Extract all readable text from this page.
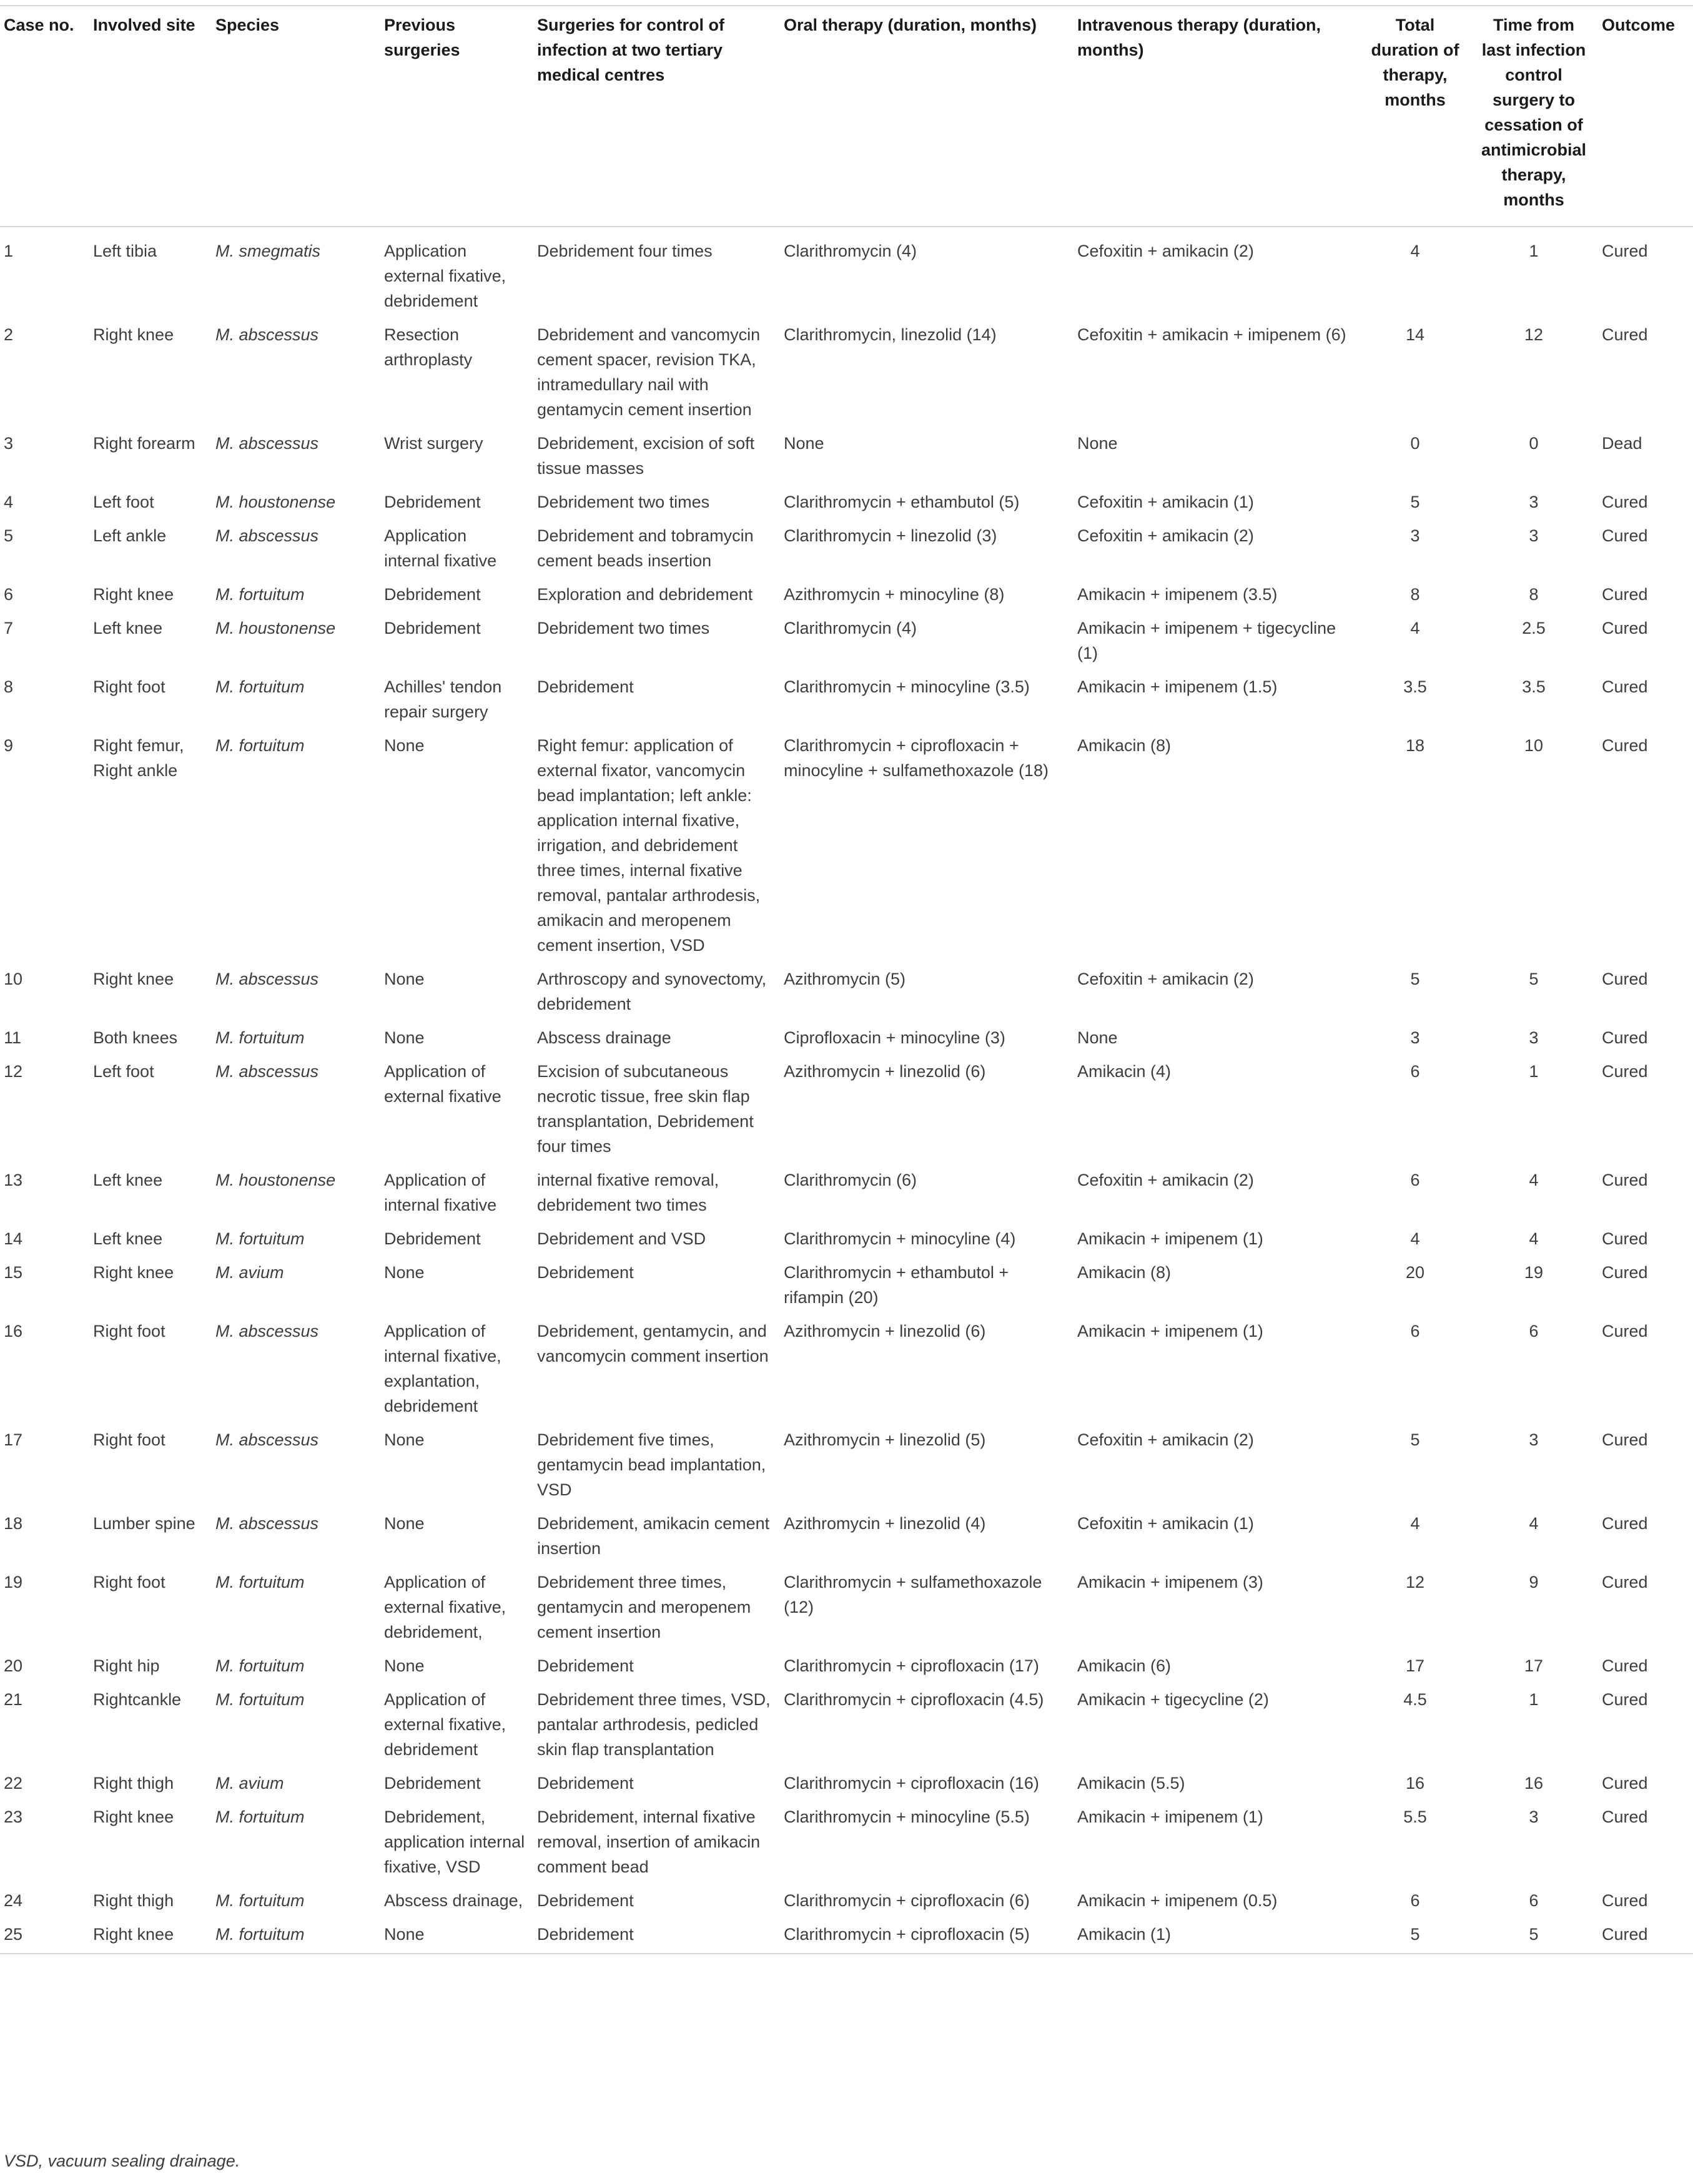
Case no.	Involved site	Species	Previous surgeries	Surgeries for control of infection at two tertiary medical centres	Oral therapy (duration, months)	Intravenous therapy (duration, months)	Total duration of therapy, months	Time from last infection control surgery to cessation of antimicrobial therapy, months	Outcome
1	Left tibia	M. smegmatis	Application external fixative, debridement	Debridement four times	Clarithromycin (4)	Cefoxitin + amikacin (2)	4	1	Cured
2	Right knee	M. abscessus	Resection arthroplasty	Debridement and vancomycin cement spacer, revision TKA, intramedullary nail with gentamycin cement insertion	Clarithromycin, linezolid (14)	Cefoxitin + amikacin + imipenem (6)	14	12	Cured
3	Right forearm	M. abscessus	Wrist surgery	Debridement, excision of soft tissue masses	None	None	0	0	Dead
4	Left foot	M. houstonense	Debridement	Debridement two times	Clarithromycin + ethambutol (5)	Cefoxitin + amikacin (1)	5	3	Cured
5	Left ankle	M. abscessus	Application internal fixative	Debridement and tobramycin cement beads insertion	Clarithromycin + linezolid (3)	Cefoxitin + amikacin (2)	3	3	Cured
6	Right knee	M. fortuitum	Debridement	Exploration and debridement	Azithromycin + minocyline (8)	Amikacin + imipenem (3.5)	8	8	Cured
7	Left knee	M. houstonense	Debridement	Debridement two times	Clarithromycin (4)	Amikacin + imipenem + tigecycline (1)	4	2.5	Cured
8	Right foot	M. fortuitum	Achilles' tendon repair surgery	Debridement	Clarithromycin + minocyline (3.5)	Amikacin + imipenem (1.5)	3.5	3.5	Cured
9	Right femur, Right ankle	M. fortuitum	None	Right femur: application of external fixator, vancomycin bead implantation; left ankle: application internal fixative, irrigation, and debridement three times, internal fixative removal, pantalar arthrodesis, amikacin and meropenem cement insertion, VSD	Clarithromycin + ciprofloxacin + minocyline + sulfamethoxazole (18)	Amikacin (8)	18	10	Cured
10	Right knee	M. abscessus	None	Arthroscopy and synovectomy, debridement	Azithromycin (5)	Cefoxitin + amikacin (2)	5	5	Cured
11	Both knees	M. fortuitum	None	Abscess drainage	Ciprofloxacin + minocyline (3)	None	3	3	Cured
12	Left foot	M. abscessus	Application of external fixative	Excision of subcutaneous necrotic tissue, free skin flap transplantation, Debridement four times	Azithromycin + linezolid (6)	Amikacin (4)	6	1	Cured
13	Left knee	M. houstonense	Application of internal fixative	internal fixative removal, debridement two times	Clarithromycin (6)	Cefoxitin + amikacin (2)	6	4	Cured
14	Left knee	M. fortuitum	Debridement	Debridement and VSD	Clarithromycin + minocyline (4)	Amikacin + imipenem (1)	4	4	Cured
15	Right knee	M. avium	None	Debridement	Clarithromycin + ethambutol + rifampin (20)	Amikacin (8)	20	19	Cured
16	Right foot	M. abscessus	Application of internal fixative, explantation, debridement	Debridement, gentamycin, and vancomycin comment insertion	Azithromycin + linezolid (6)	Amikacin + imipenem (1)	6	6	Cured
17	Right foot	M. abscessus	None	Debridement five times, gentamycin bead implantation, VSD	Azithromycin + linezolid (5)	Cefoxitin + amikacin (2)	5	3	Cured
18	Lumber spine	M. abscessus	None	Debridement, amikacin cement insertion	Azithromycin + linezolid (4)	Cefoxitin + amikacin (1)	4	4	Cured
19	Right foot	M. fortuitum	Application of external fixative, debridement,	Debridement three times, gentamycin and meropenem cement insertion	Clarithromycin + sulfamethoxazole (12)	Amikacin + imipenem (3)	12	9	Cured
20	Right hip	M. fortuitum	None	Debridement	Clarithromycin + ciprofloxacin (17)	Amikacin (6)	17	17	Cured
21	Rightcankle	M. fortuitum	Application of external fixative, debridement	Debridement three times, VSD, pantalar arthrodesis, pedicled skin flap transplantation	Clarithromycin + ciprofloxacin (4.5)	Amikacin + tigecycline (2)	4.5	1	Cured
22	Right thigh	M. avium	Debridement	Debridement	Clarithromycin + ciprofloxacin (16)	Amikacin (5.5)	16	16	Cured
23	Right knee	M. fortuitum	Debridement, application internal fixative, VSD	Debridement, internal fixative removal, insertion of amikacin comment bead	Clarithromycin + minocyline (5.5)	Amikacin + imipenem (1)	5.5	3	Cured
24	Right thigh	M. fortuitum	Abscess drainage,	Debridement	Clarithromycin + ciprofloxacin (6)	Amikacin + imipenem (0.5)	6	6	Cured
25	Right knee	M. fortuitum	None	Debridement	Clarithromycin + ciprofloxacin (5)	Amikacin (1)	5	5	Cured
VSD, vacuum sealing drainage.
